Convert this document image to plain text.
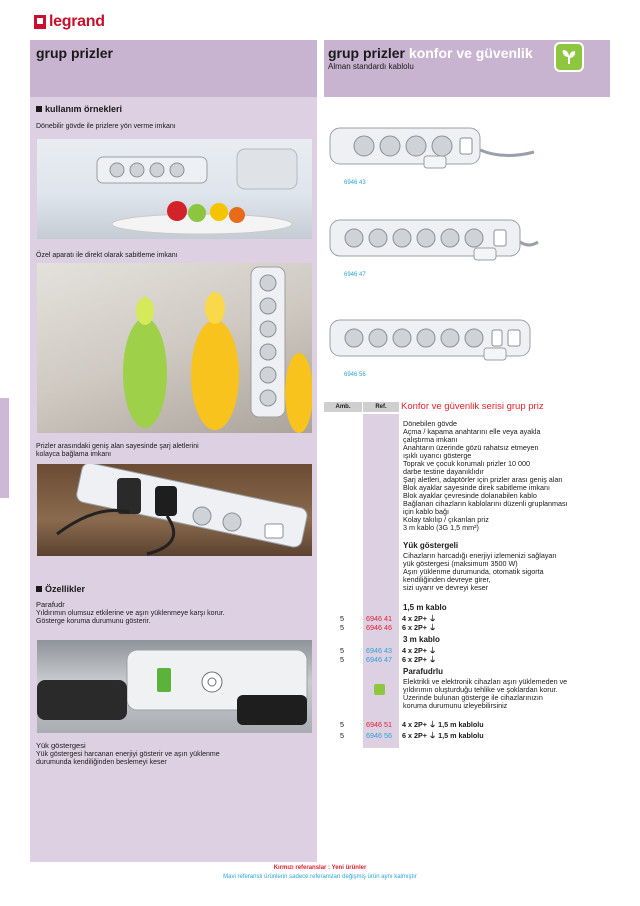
legrand
grup prizler
kullanım örnekleri
Dönebilir gövde ile prizlere yön verme imkanı
Özel aparatı ile direkt olarak sabitleme imkanı
Prizler arasındaki geniş alan sayesinde şarj aletlerini
kolayca bağlama imkanı
Özellikler
Parafudr
Yıldırımın olumsuz etkilerine ve aşırı yüklenmeye karşı korur.
Gösterge koruma durumunu gösterir.
Yük göstergesi
Yük göstergesi harcanan enerjiyi gösterir ve aşırı yüklenme
durumunda kendiliğinden beslemeyi keser
grup prizler konfor ve güvenlik
Alman standardı kablolu
6946 43
6946 47
6946 56
Amb.	Ref.	Konfor ve güvenlik serisi grup priz
Dönebilen gövde
Açma / kapama anahtarını elle veya ayakla
çalıştırma imkanı
Anahtarın üzerinde gözü rahatsız etmeyen
ışıklı uyarıcı gösterge
Toprak ve çocuk korumalı prizler 10 000
darbe testine dayanıklıdır
Şarj aletleri, adaptörler için prizler arası geniş alan
Blok ayaklar sayesinde direk sabitleme imkanı
Blok ayaklar çevresinde dolanabilen kablo
Bağlanan cihazların kablolarını düzenli gruplanması
için kablo bağı
Kolay takılıp / çıkarılan priz
3 m kablo (3G 1,5 mm²)
Yük göstergeli
Cihazların harcadığı enerjiyi izlemenizi sağlayan
yük göstergesi (maksimum 3500 W)
Aşırı yüklenme durumunda, otomatik sigorta
kendiliğinden devreye girer,
sizi uyarır ve devreyi keser
1,5 m kablo
5	6946 41 4 x 2P+ ⏚
5	6946 46 6 x 2P+ ⏚
3 m kablo
5	6946 43 4 x 2P+ ⏚
5	6946 47 6 x 2P+ ⏚
Parafudrlu
Elektrikli ve elektronik cihazları aşırı yüklemeden ve
yıldırımın oluşturduğu tehlike ve şoklardan korur.
Üzerinde bulunan gösterge ile cihazlarınızın
koruma durumunu izleyebilirsiniz
5	6946 51 4 x 2P+ ⏚ 1,5 m kablolu
5	6946 56 6 x 2P+ ⏚ 1,5 m kablolu
Kırmızı referanslar : Yeni ürünler
Mavi referanslı ürünlerin sadece referansları değişmiş ürün aynı kalmıştır
